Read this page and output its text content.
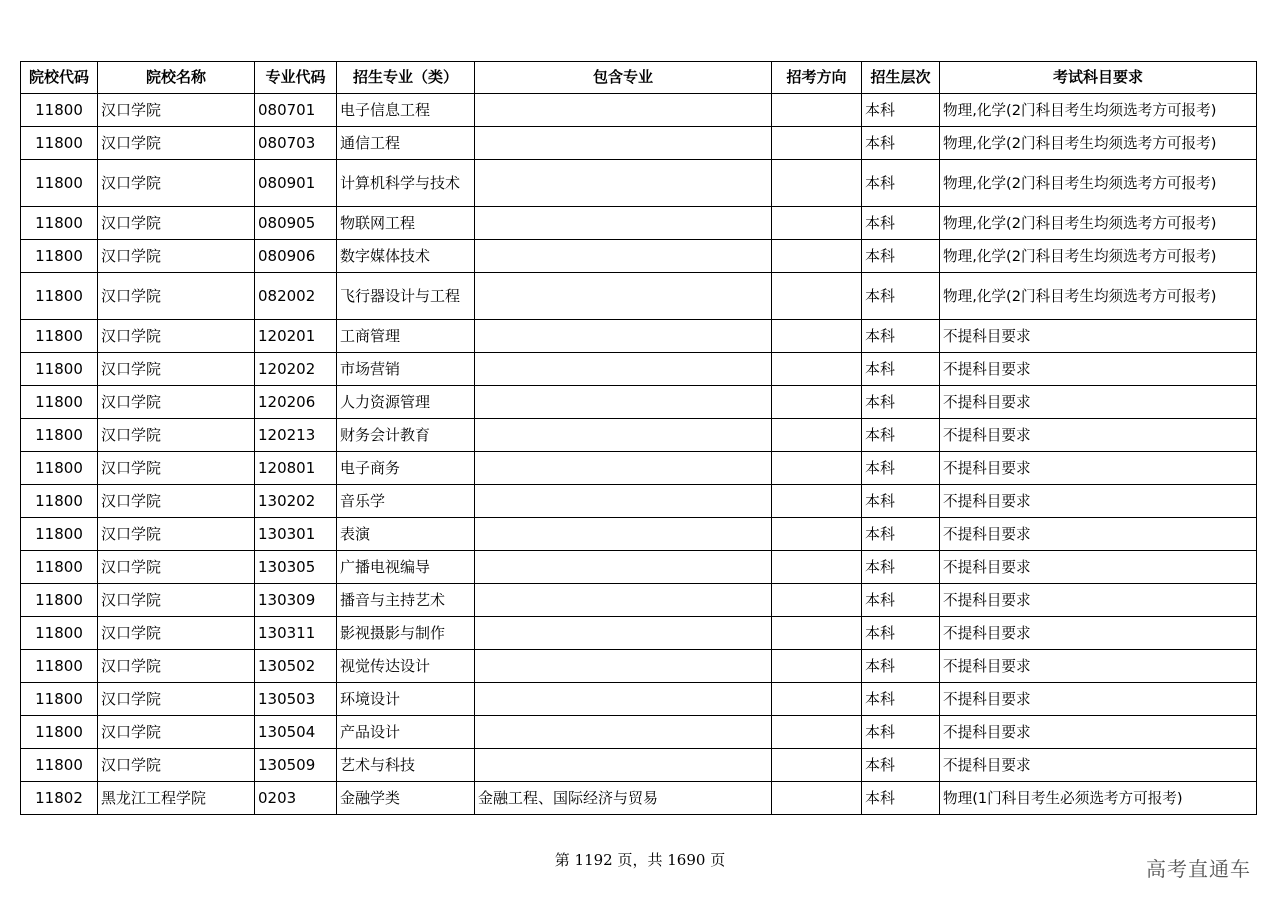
院校代码	院校名称	专业代码	招生专业（类）	包含专业	招考方向	招生层次	考试科目要求
11800	汉口学院	080701	电子信息工程			本科	物理,化学(2门科目考生均须选考方可报考)
11800	汉口学院	080703	通信工程			本科	物理,化学(2门科目考生均须选考方可报考)
11800	汉口学院	080901	计算机科学与技术			本科	物理,化学(2门科目考生均须选考方可报考)
11800	汉口学院	080905	物联网工程			本科	物理,化学(2门科目考生均须选考方可报考)
11800	汉口学院	080906	数字媒体技术			本科	物理,化学(2门科目考生均须选考方可报考)
11800	汉口学院	082002	飞行器设计与工程			本科	物理,化学(2门科目考生均须选考方可报考)
11800	汉口学院	120201	工商管理			本科	不提科目要求
11800	汉口学院	120202	市场营销			本科	不提科目要求
11800	汉口学院	120206	人力资源管理			本科	不提科目要求
11800	汉口学院	120213	财务会计教育			本科	不提科目要求
11800	汉口学院	120801	电子商务			本科	不提科目要求
11800	汉口学院	130202	音乐学			本科	不提科目要求
11800	汉口学院	130301	表演			本科	不提科目要求
11800	汉口学院	130305	广播电视编导			本科	不提科目要求
11800	汉口学院	130309	播音与主持艺术			本科	不提科目要求
11800	汉口学院	130311	影视摄影与制作			本科	不提科目要求
11800	汉口学院	130502	视觉传达设计			本科	不提科目要求
11800	汉口学院	130503	环境设计			本科	不提科目要求
11800	汉口学院	130504	产品设计			本科	不提科目要求
11800	汉口学院	130509	艺术与科技			本科	不提科目要求
11802	黑龙江工程学院	0203	金融学类	金融工程、国际经济与贸易		本科	物理(1门科目考生必须选考方可报考)
第 1192 页，共 1690 页	高考直通车
